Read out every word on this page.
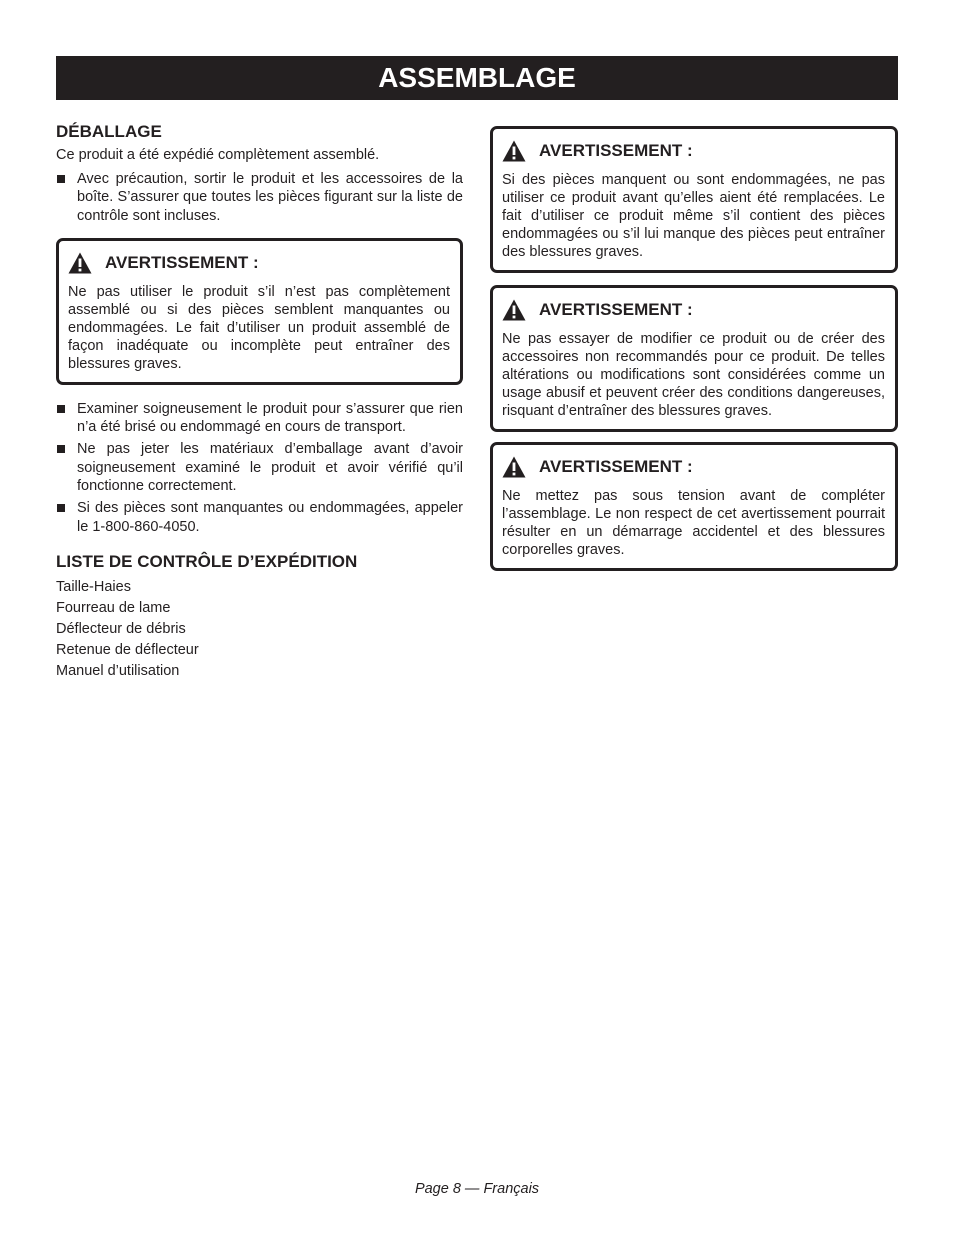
ASSEMBLAGE
DÉBALLAGE

Ce produit a été expédié complètement assemblé.

Avec précaution, sortir le produit et les accessoires de la boîte. S’assurer que toutes les pièces figurant sur la liste de contrôle sont incluses.
AVERTISSEMENT :

Ne pas utiliser le produit s’il n’est pas complètement assemblé ou si des pièces semblent manquantes ou endommagées. Le fait d’utiliser un produit assemblé de façon inadéquate ou incomplète peut entraîner des blessures graves.

Examiner soigneusement le produit pour s’assurer que rien n’a été brisé ou endommagé en cours de transport.
Ne pas jeter les matériaux d’emballage avant d’avoir soigneusement examiné le produit et avoir vérifié qu’il fonctionne correctement.
Si des pièces sont manquantes ou endommagées, appeler le 1-800-860-4050.
LISTE DE CONTRÔLE D’EXPÉDITION
Taille-Haies
Fourreau de lame
Déflecteur de débris
Retenue de déflecteur
Manuel d’utilisation
AVERTISSEMENT :

Si des pièces manquent ou sont endommagées, ne pas utiliser ce produit avant qu’elles aient été remplacées. Le fait d’utiliser ce produit même s’il contient des pièces endommagées ou s’il lui manque des pièces peut entraîner des blessures graves.

AVERTISSEMENT :

Ne pas essayer de modifier ce produit ou de créer des accessoires non recommandés pour ce produit. De telles altérations ou modifications sont considérées comme un usage abusif et peuvent créer des conditions dangereuses, risquant d’entraîner des blessures graves.

AVERTISSEMENT :

Ne mettez pas sous tension avant de compléter l’assemblage. Le non respect de cet avertissement pourrait résulter en un démarrage accidentel et des blessures corporelles graves.

Page 8 — Français
